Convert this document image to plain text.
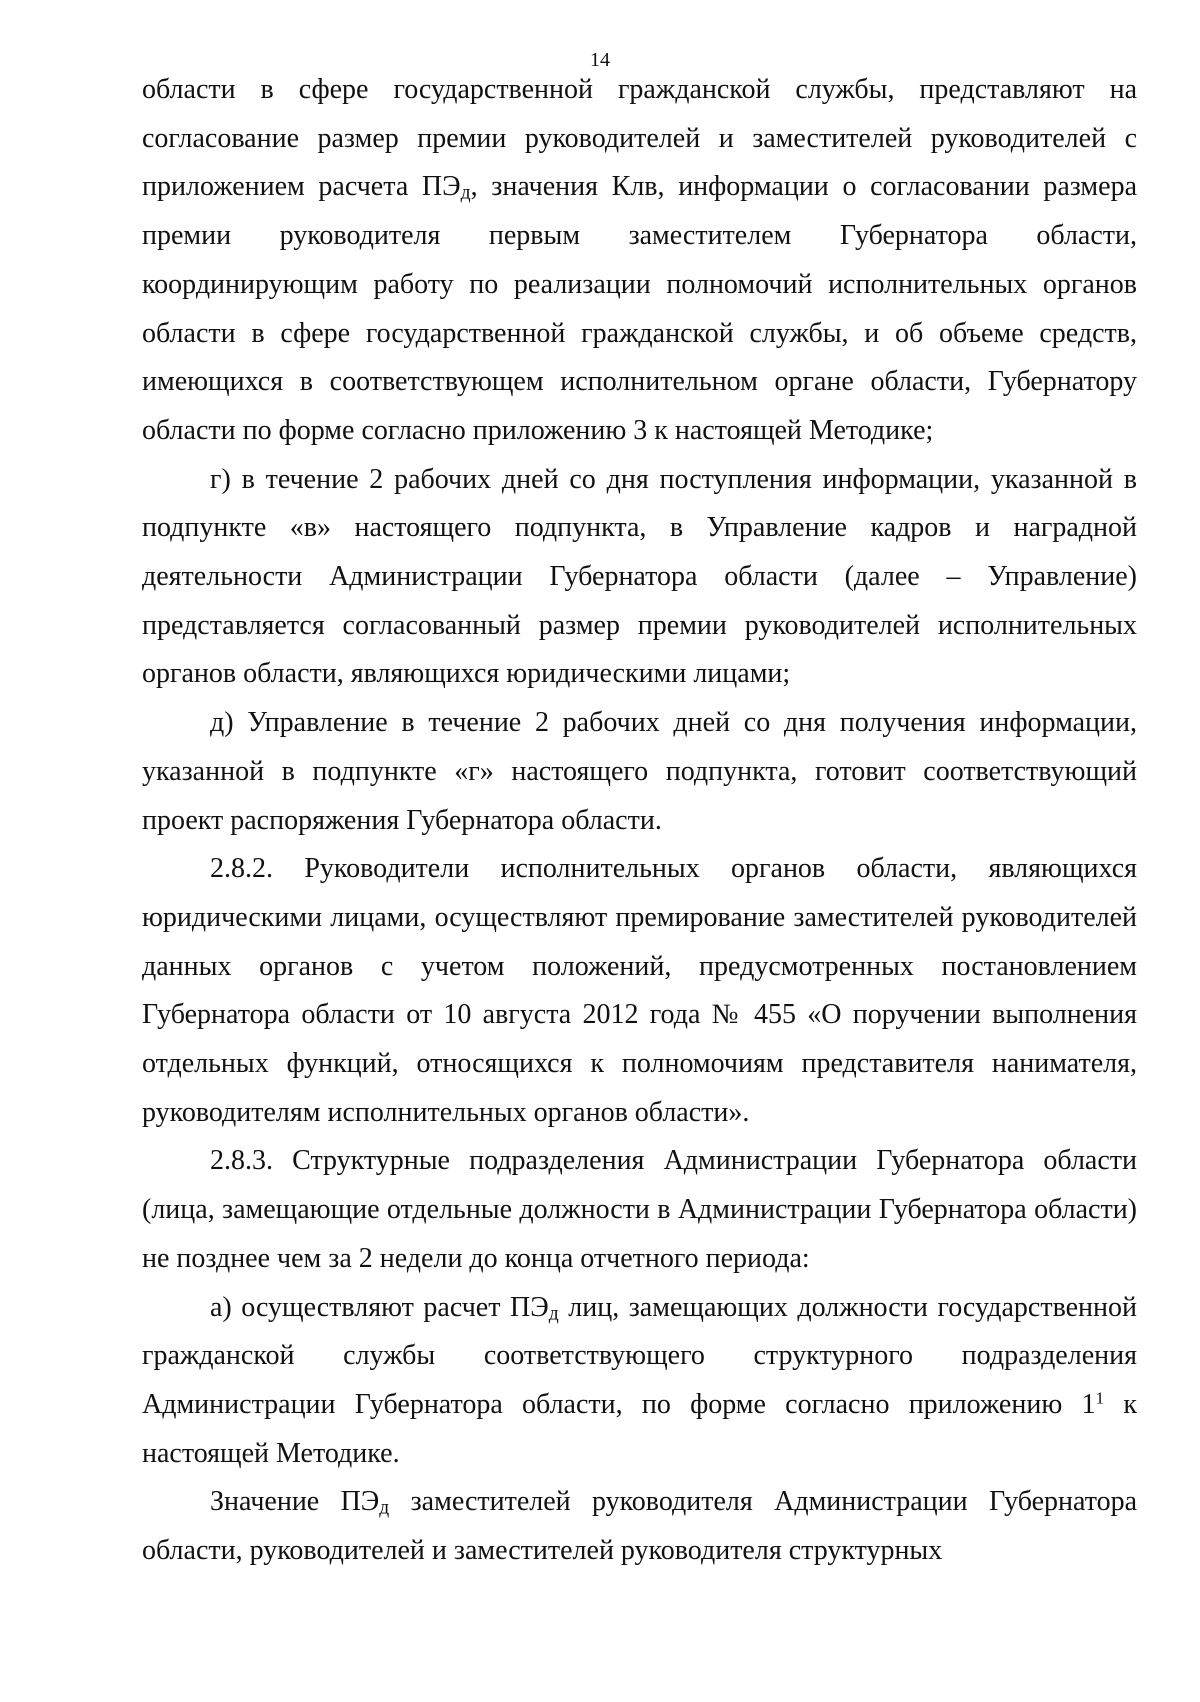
14

области в сфере государственной гражданской службы, представляют на согласование размер премии руководителей и заместителей руководителей с приложением расчета ПЭд, значения Клв, информации о согласовании размера премии руководителя первым заместителем Губернатора области, координирующим работу по реализации полномочий исполнительных органов области в сфере государственной гражданской службы, и об объеме средств, имеющихся в соответствующем исполнительном органе области, Губернатору области по форме согласно приложению 3 к настоящей Методике;

г) в течение 2 рабочих дней со дня поступления информации, указанной в подпункте «в» настоящего подпункта, в Управление кадров и наградной деятельности Администрации Губернатора области (далее – Управление) представляется согласованный размер премии руководителей исполнительных органов области, являющихся юридическими лицами;

д) Управление в течение 2 рабочих дней со дня получения информации, указанной в подпункте «г» настоящего подпункта, готовит соответствующий проект распоряжения Губернатора области.

2.8.2. Руководители исполнительных органов области, являющихся юридическими лицами, осуществляют премирование заместителей руководителей данных органов с учетом положений, предусмотренных постановлением Губернатора области от 10 августа 2012 года № 455 «О поручении выполнения отдельных функций, относящихся к полномочиям представителя нанимателя, руководителям исполнительных органов области».

2.8.3. Структурные подразделения Администрации Губернатора области (лица, замещающие отдельные должности в Администрации Губернатора области) не позднее чем за 2 недели до конца отчетного периода:

а) осуществляют расчет ПЭд лиц, замещающих должности государственной гражданской службы соответствующего структурного подразделения Администрации Губернатора области, по форме согласно приложению $1^1$ к настоящей Методике.

Значение ПЭд заместителей руководителя Администрации Губернатора области, руководителей и заместителей руководителя структурных
